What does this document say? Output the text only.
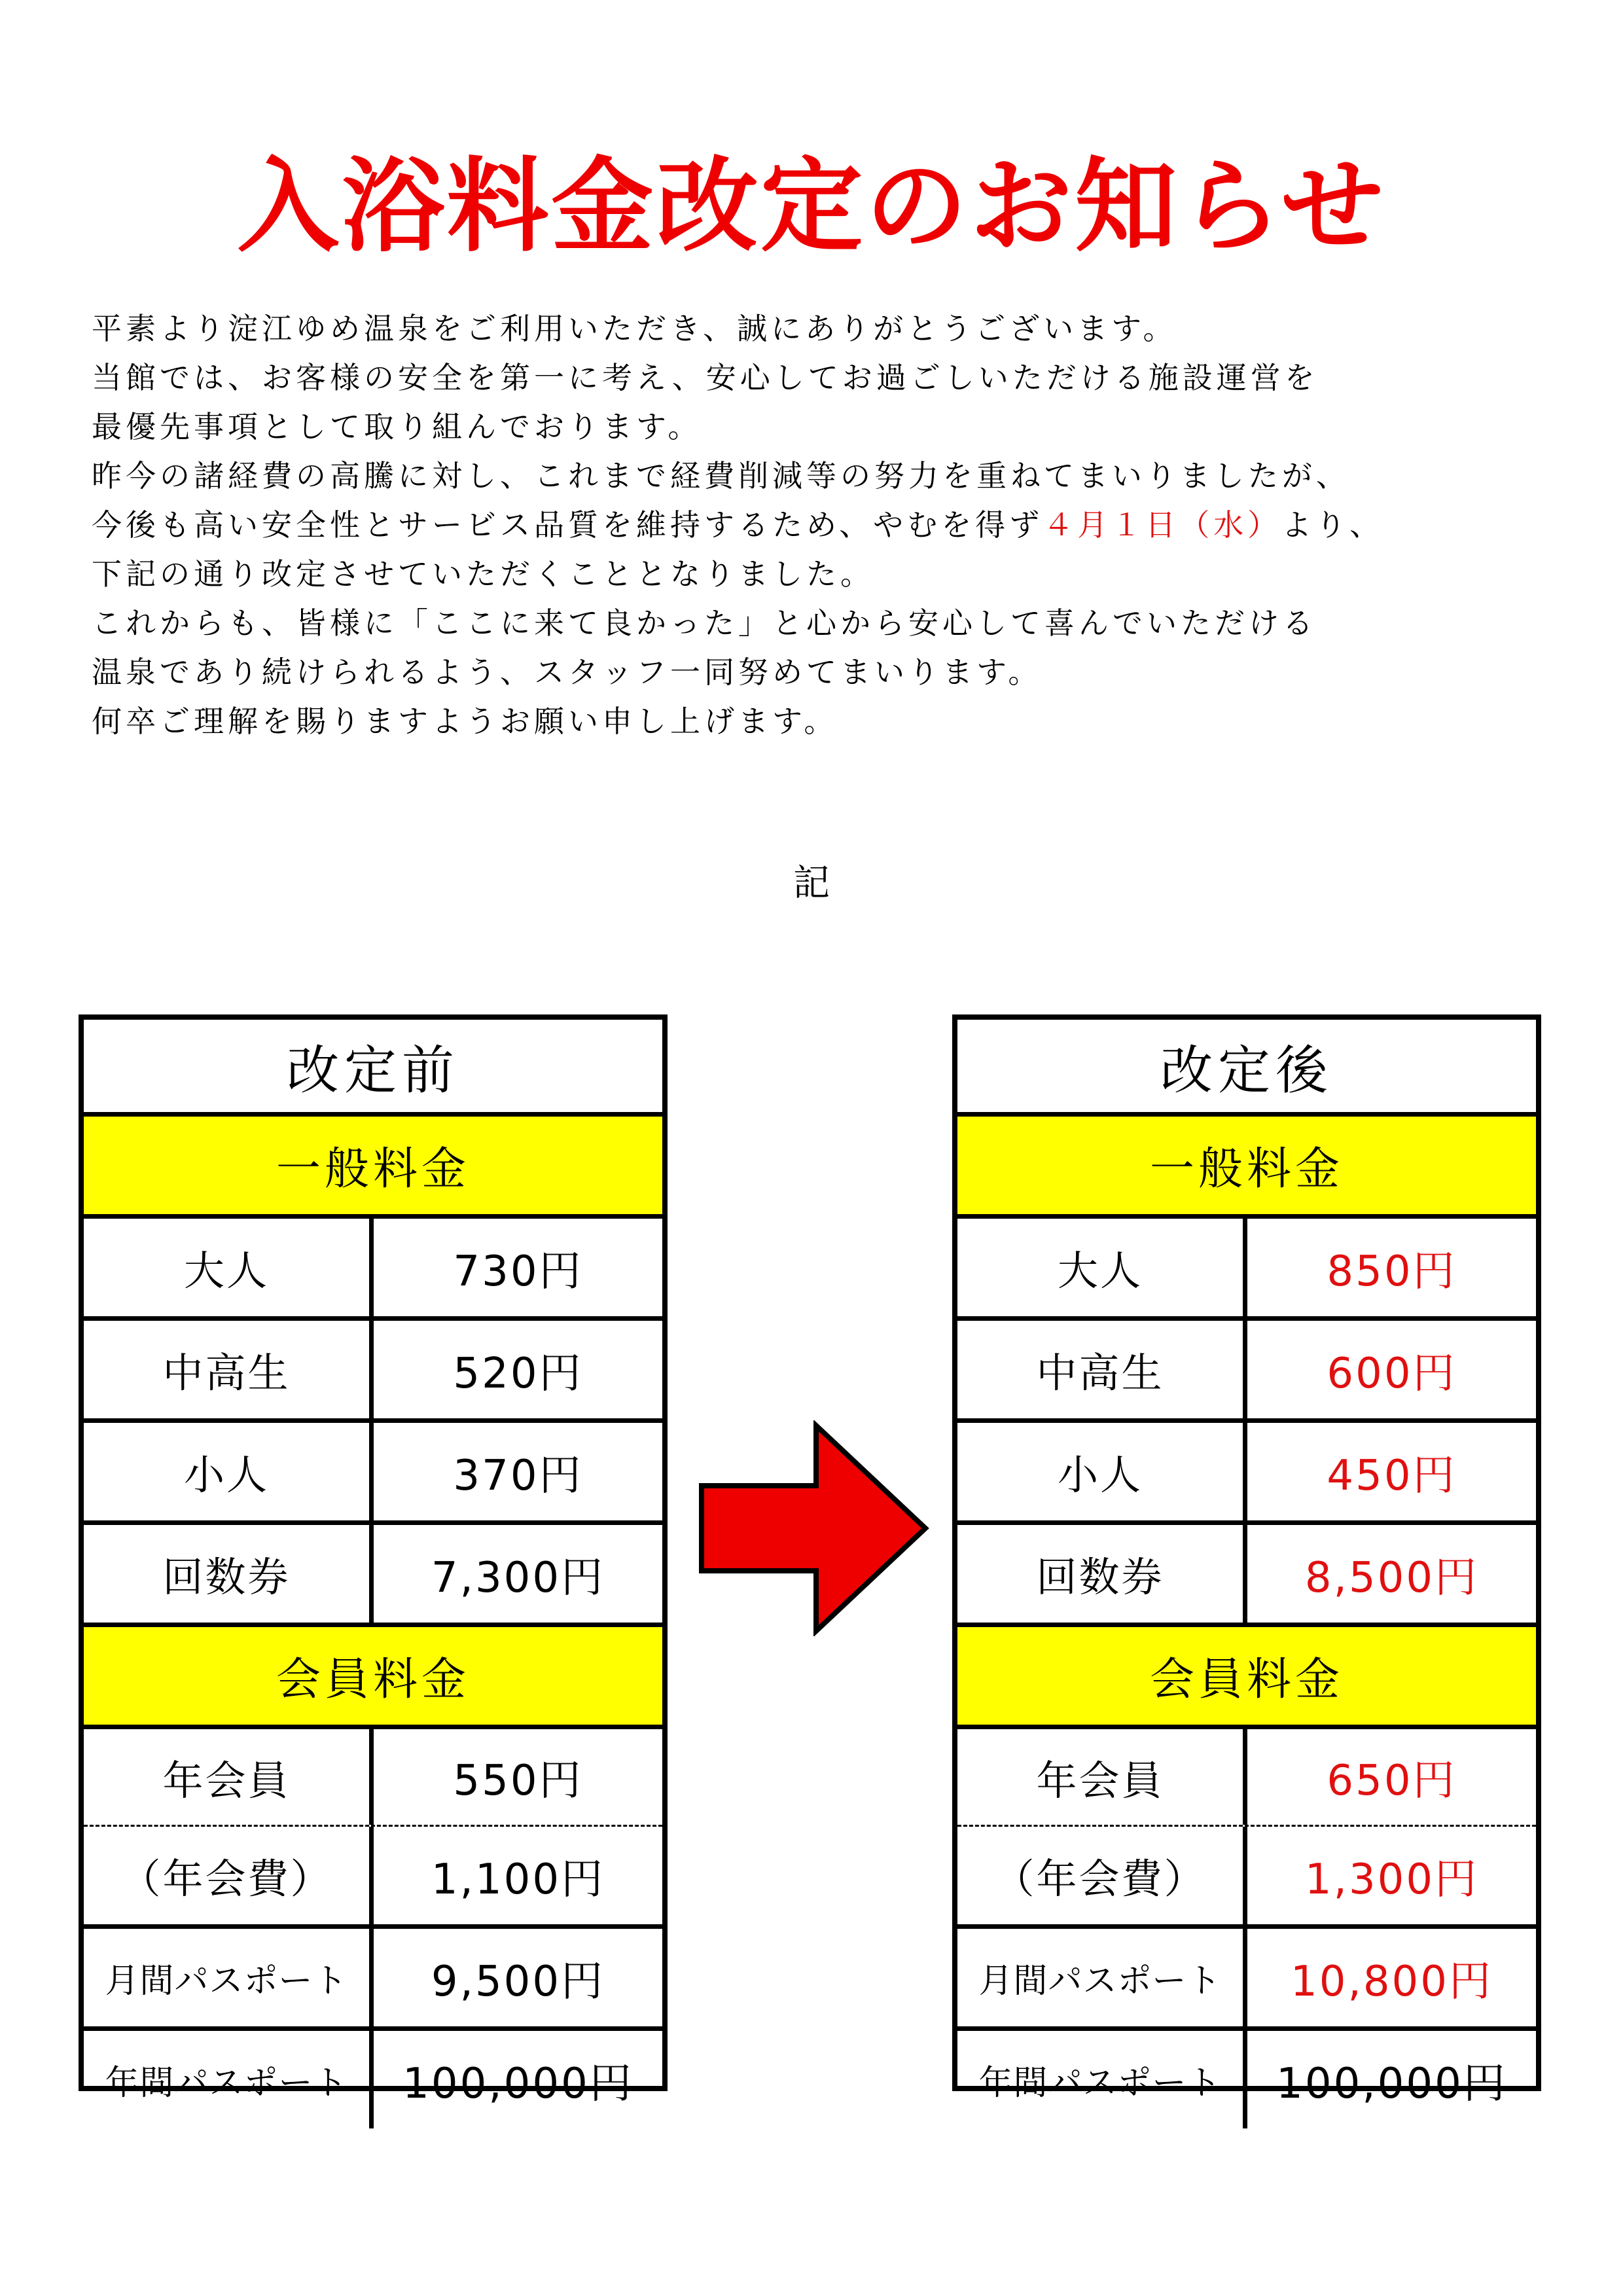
入浴料金改定のお知らせ

平素より淀江ゆめ温泉をご利用いただき、誠にありがとうございます。

当館では、お客様の安全を第一に考え、安心してお過ごしいただける施設運営を

最優先事項として取り組んでおります。

昨今の諸経費の高騰に対し、これまで経費削減等の努力を重ねてまいりましたが、

今後も高い安全性とサービス品質を維持するため、やむを得ず４月１日（水）より、

下記の通り改定させていただくこととなりました。

これからも、皆様に「ここに来て良かった」と心から安心して喜んでいただける

温泉であり続けられるよう、スタッフ一同努めてまいります。

何卒ご理解を賜りますようお願い申し上げます。

記
改定前
一般料金
大人	730円
中高生	520円
小人	370円
回数券	7,300円
会員料金
年会員	550円
（年会費）	1,100円
月間パスポート	9,500円
年間パスポート	100,000円
改定後
一般料金
大人	850円
中高生	600円
小人	450円
回数券	8,500円
会員料金
年会員	650円
（年会費）	1,300円
月間パスポート	10,800円
年間パスポート	100,000円
